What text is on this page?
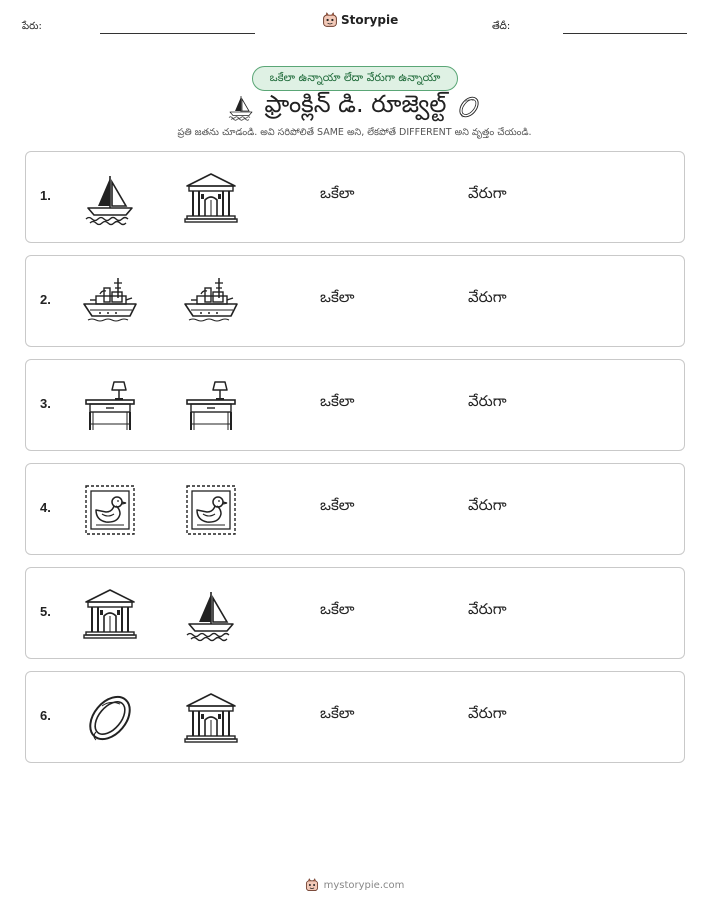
పేరు:	Storypie	తేదీ:
ఒకేలా ఉన్నాయా లేదా వేరుగా ఉన్నాయా
ఫ్రాంక్లిన్ డి. రూజ్వెల్ట్
ప్రతి జతను చూడండి. అవి సరిపోలితే SAME అని, లేకపోతే DIFFERENT అని వృత్తం చేయండి.
1.	ఒకేలా	వేరుగా
2.	ఒకేలా	వేరుగా
3.	ఒకేలా	వేరుగా
4.	ఒకేలా	వేరుగా
5.	ఒకేలా	వేరుగా
6.	ఒకేలా	వేరుగా
mystorypie.com
